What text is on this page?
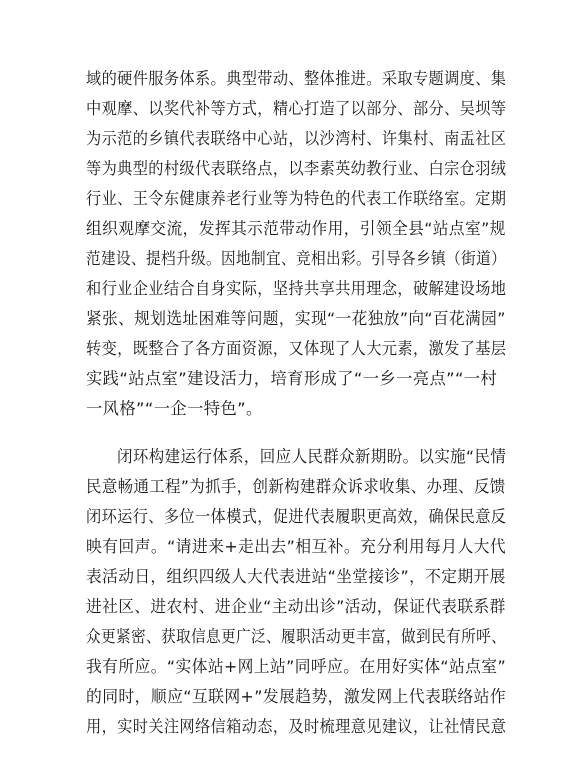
域的硬件服务体系。典型带动、整体推进。采取专题调度、集
中观摩、以奖代补等方式，精心打造了以部分、部分、吴坝等
为示范的乡镇代表联络中心站，以沙湾村、许集村、南盂社区
等为典型的村级代表联络点，以李素英幼教行业、白宗仓羽绒
行业、王令东健康养老行业等为特色的代表工作联络室。定期
组织观摩交流，发挥其示范带动作用，引领全县“站点室”规
范建设、提档升级。因地制宜、竞相出彩。引导各乡镇（街道）
和行业企业结合自身实际，坚持共享共用理念，破解建设场地
紧张、规划选址困难等问题，实现“一花独放”向“百花满园”
转变，既整合了各方面资源，又体现了人大元素，激发了基层
实践“站点室”建设活力，培育形成了“一乡一亮点”“一村
一风格”“一企一特色”。
闭环构建运行体系，回应人民群众新期盼。以实施“民情
民意畅通工程”为抓手，创新构建群众诉求收集、办理、反馈
闭环运行、多位一体模式，促进代表履职更高效，确保民意反
映有回声。“请进来+走出去”相互补。充分利用每月人大代
表活动日，组织四级人大代表进站“坐堂接诊”，不定期开展
进社区、进农村、进企业“主动出诊”活动，保证代表联系群
众更紧密、获取信息更广泛、履职活动更丰富，做到民有所呼、
我有所应。“实体站+网上站”同呼应。在用好实体“站点室”
的同时，顺应“互联网+”发展趋势，激发网上代表联络站作
用，实时关注网络信箱动态，及时梳理意见建议，让社情民意
